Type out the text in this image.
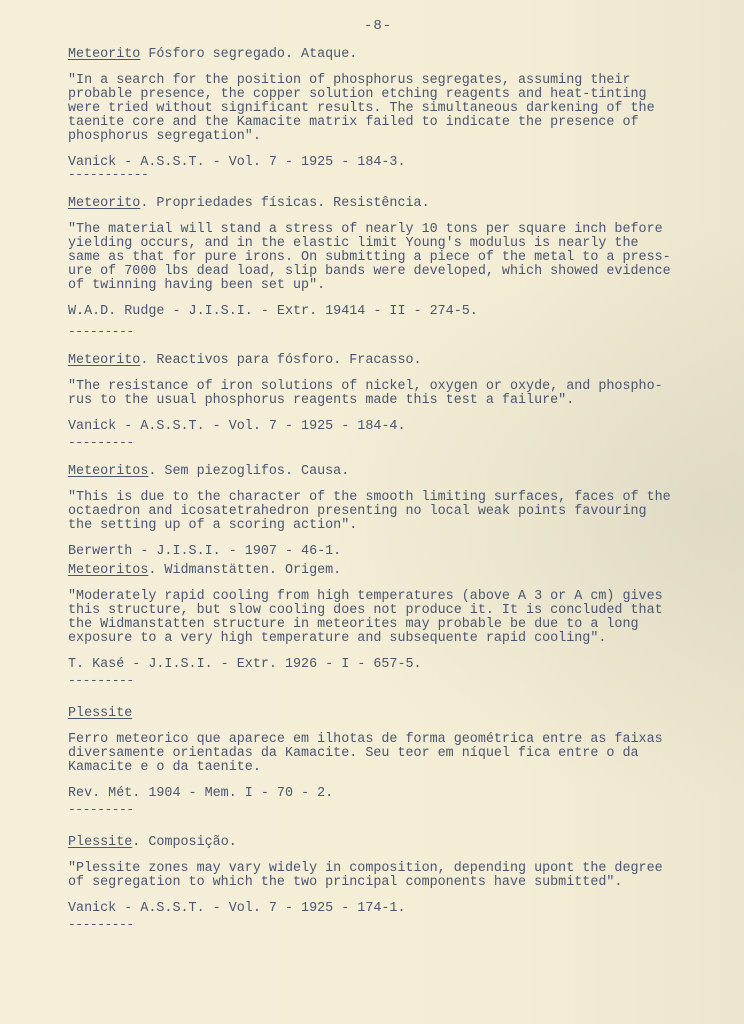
-8-
Meteorito Fósforo segregado. Ataque.
"In a search for the position of phosphorus segregates, assuming their
probable presence, the copper solution etching reagents and heat-tinting
were tried without significant results. The simultaneous darkening of the
taenite core and the Kamacite matrix failed to indicate the presence of
phosphorus segregation".
Vanick - A.S.S.T. - Vol. 7 - 1925 - 184-3.
-----------
Meteorito. Propriedades físicas. Resistência.
"The material will stand a stress of nearly 10 tons per square inch before
yielding occurs, and in the elastic limit Young's modulus is nearly the
same as that for pure irons. On submitting a piece of the metal to a press-
ure of 7000 lbs dead load, slip bands were developed, which showed evidence
of twinning having been set up".
W.A.D. Rudge - J.I.S.I. - Extr. 19414 - II - 274-5.
---------
Meteorito. Reactivos para fósforo. Fracasso.
"The resistance of iron solutions of nickel, oxygen or oxyde, and phospho-
rus to the usual phosphorus reagents made this test a failure".
Vanick - A.S.S.T. - Vol. 7 - 1925 - 184-4.
---------
Meteoritos. Sem piezoglifos. Causa.
"This is due to the character of the smooth limiting surfaces, faces of the
octaedron and icosatetrahedron presenting no local weak points favouring
the setting up of a scoring action".
Berwerth - J.I.S.I. - 1907 - 46-1.
Meteoritos. Widmanstätten. Origem.
"Moderately rapid cooling from high temperatures (above A 3 or A cm) gives
this structure, but slow cooling does not produce it. It is concluded that
the Widmanstatten structure in meteorites may probable be due to a long
exposure to a very high temperature and subsequente rapid cooling".
T. Kasé - J.I.S.I. - Extr. 1926 - I - 657-5.
---------
Plessite
Ferro meteorico que aparece em ilhotas de forma geométrica entre as faixas
diversamente orientadas da Kamacite. Seu teor em níquel fica entre o da
Kamacite e o da taenite.
Rev. Mét. 1904 - Mem. I - 70 - 2.
---------
Plessite. Composição.
"Plessite zones may vary widely in composition, depending upont the degree
of segregation to which the two principal components have submitted".
Vanick - A.S.S.T. - Vol. 7 - 1925 - 174-1.
---------
